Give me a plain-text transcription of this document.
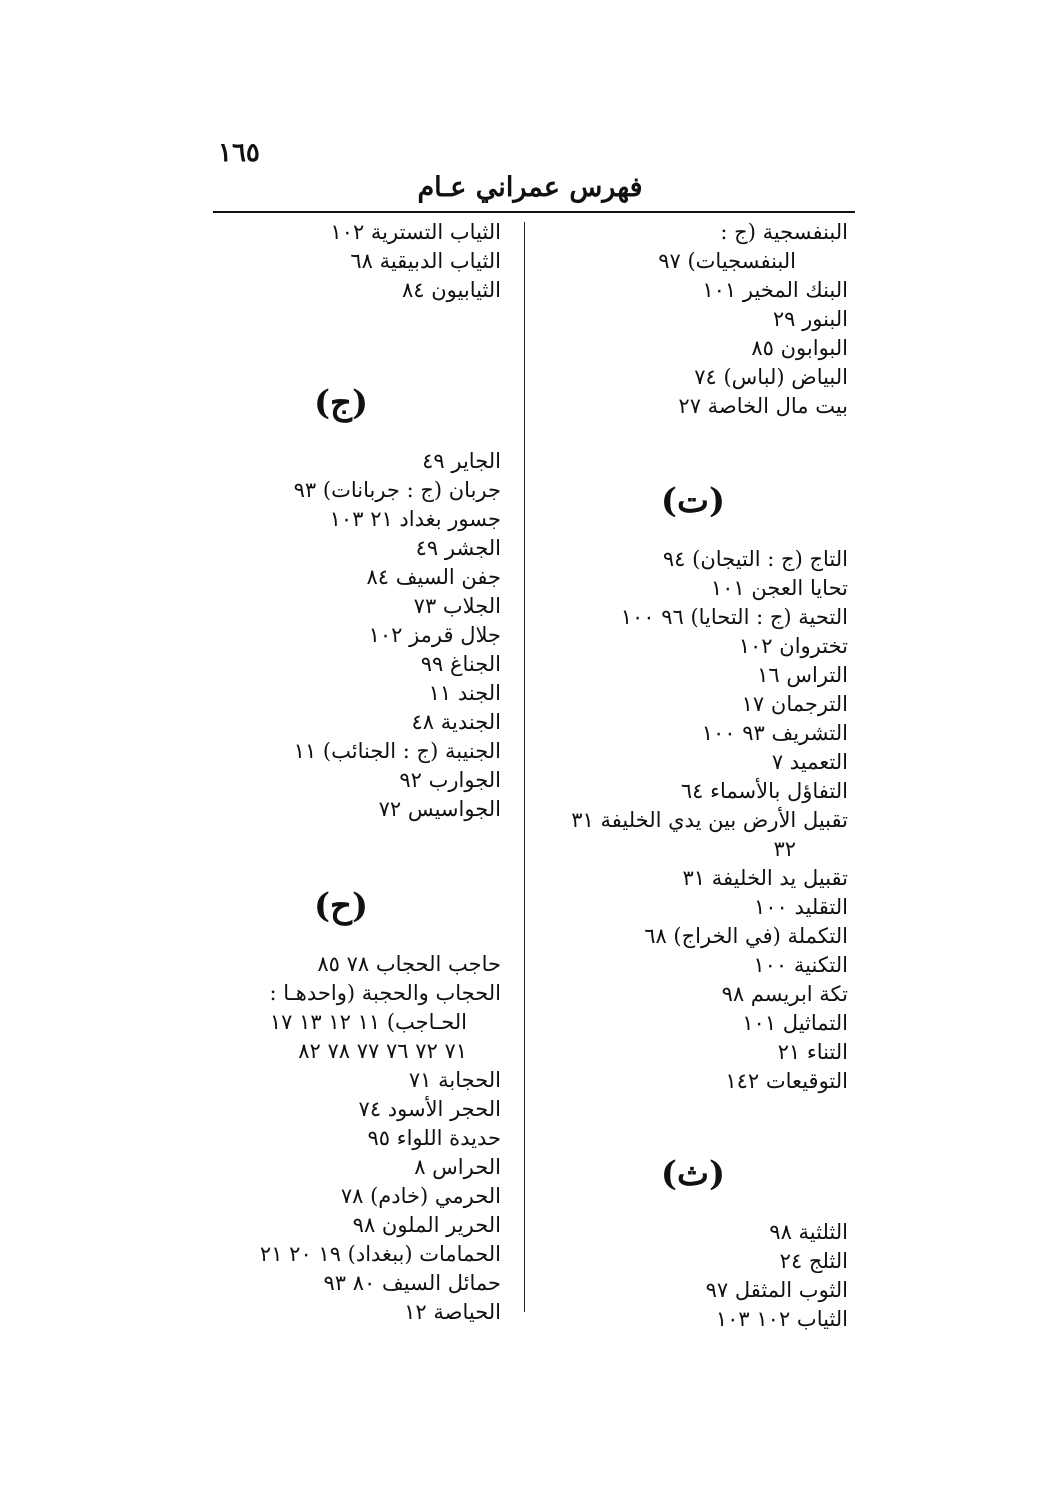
١٦٥
فهرس عمراني عـام
البنفسجية (ج :
البنفسجيات) ٩٧
البنك المخير ١٠١
البنور ٢٩
البوابون ٨٥
البياض (لباس) ٧٤
بيت مال الخاصة ٢٧
(ت)
التاج (ج : التيجان) ٩٤
تحايا العجن ١٠١
التحية (ج : التحايا) ٩٦ ١٠٠
تختروان ١٠٢
التراس ١٦
الترجمان ١٧
التشريف ٩٣ ١٠٠
التعميد ٧
التفاؤل بالأسماء ٦٤
تقبيل الأرض بين يدي الخليفة ٣١
٣٢
تقبيل يد الخليفة ٣١
التقليد ١٠٠
التكملة (في الخراج) ٦٨
التكنية ١٠٠
تكة ابريسم ٩٨
التماثيل ١٠١
التناء ٢١
التوقيعات ١٤٢
(ث)
الثلثية ٩٨
الثلج ٢٤
الثوب المثقل ٩٧
الثياب ١٠٢ ١٠٣
الثياب التسترية ١٠٢
الثياب الدبيقية ٦٨
الثيابيون ٨٤
(ج)
الجاير ٤٩
جربان (ج : جربانات) ٩٣
جسور بغداد ٢١ ١٠٣
الجشر ٤٩
جفن السيف ٨٤
الجلاب ٧٣
جلال قرمز ١٠٢
الجناغ ٩٩
الجند ١١
الجندية ٤٨
الجنيبة (ج : الجنائب) ١١
الجوارب ٩٢
الجواسيس ٧٢
(ح)
حاجب الحجاب ٧٨ ٨٥
الحجاب والحجبة (واحدهـا :
الحـاجب) ١١ ١٢ ١٣ ١٧
٧١ ٧٢ ٧٦ ٧٧ ٧٨ ٨٢
الحجابة ٧١
الحجر الأسود ٧٤
حديدة اللواء ٩٥
الحراس ٨
الحرمي (خادم) ٧٨
الحرير الملون ٩٨
الحمامات (ببغداد) ١٩ ٢٠ ٢١
حمائل السيف ٨٠ ٩٣
الحياصة ١٢
